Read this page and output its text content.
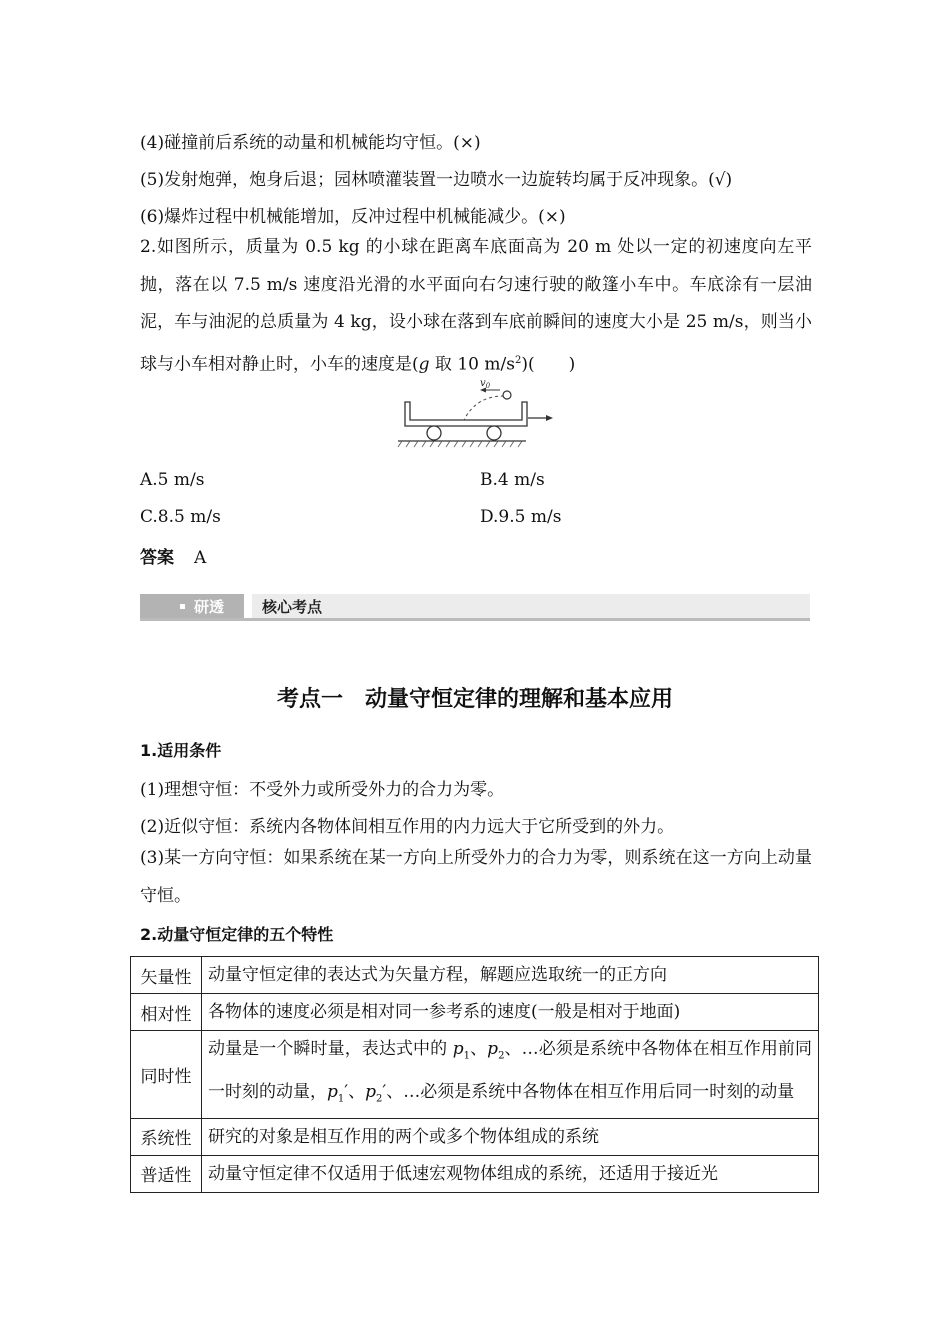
(4)碰撞前后系统的动量和机械能均守恒。(×)
(5)发射炮弹，炮身后退；园林喷灌装置一边喷水一边旋转均属于反冲现象。(√)
(6)爆炸过程中机械能增加，反冲过程中机械能减少。(×)
2.如图所示，质量为 0.5 kg 的小球在距离车底面高为 20 m 处以一定的初速度向左平抛，落在以 7.5 m/s 速度沿光滑的水平面向右匀速行驶的敞篷小车中。车底涂有一层油泥，车与油泥的总质量为 4 kg，设小球在落到车底前瞬间的速度大小是 25 m/s，则当小球与小车相对静止时，小车的速度是(g 取 10 $m/s^2$)(　　)
$v_0$
A.5 m/s	B.4 m/s
C.8.5 m/s	D.9.5 m/s
答案 A
研透	核心考点
考点一　动量守恒定律的理解和基本应用
1.适用条件
(1)理想守恒：不受外力或所受外力的合力为零。
(2)近似守恒：系统内各物体间相互作用的内力远大于它所受到的外力。
(3)某一方向守恒：如果系统在某一方向上所受外力的合力为零，则系统在这一方向上动量守恒。
2.动量守恒定律的五个特性
矢量性	动量守恒定律的表达式为矢量方程，解题应选取统一的正方向
相对性	各物体的速度必须是相对同一参考系的速度(一般是相对于地面)
同时性	动量是一个瞬时量，表达式中的 $p_1$、$p_2$、…必须是系统中各物体在相互作用前同一时刻的动量，$p_1'$、$p_2'$、…必须是系统中各物体在相互作用后同一时刻的动量
系统性	研究的对象是相互作用的两个或多个物体组成的系统
普适性	动量守恒定律不仅适用于低速宏观物体组成的系统，还适用于接近光
